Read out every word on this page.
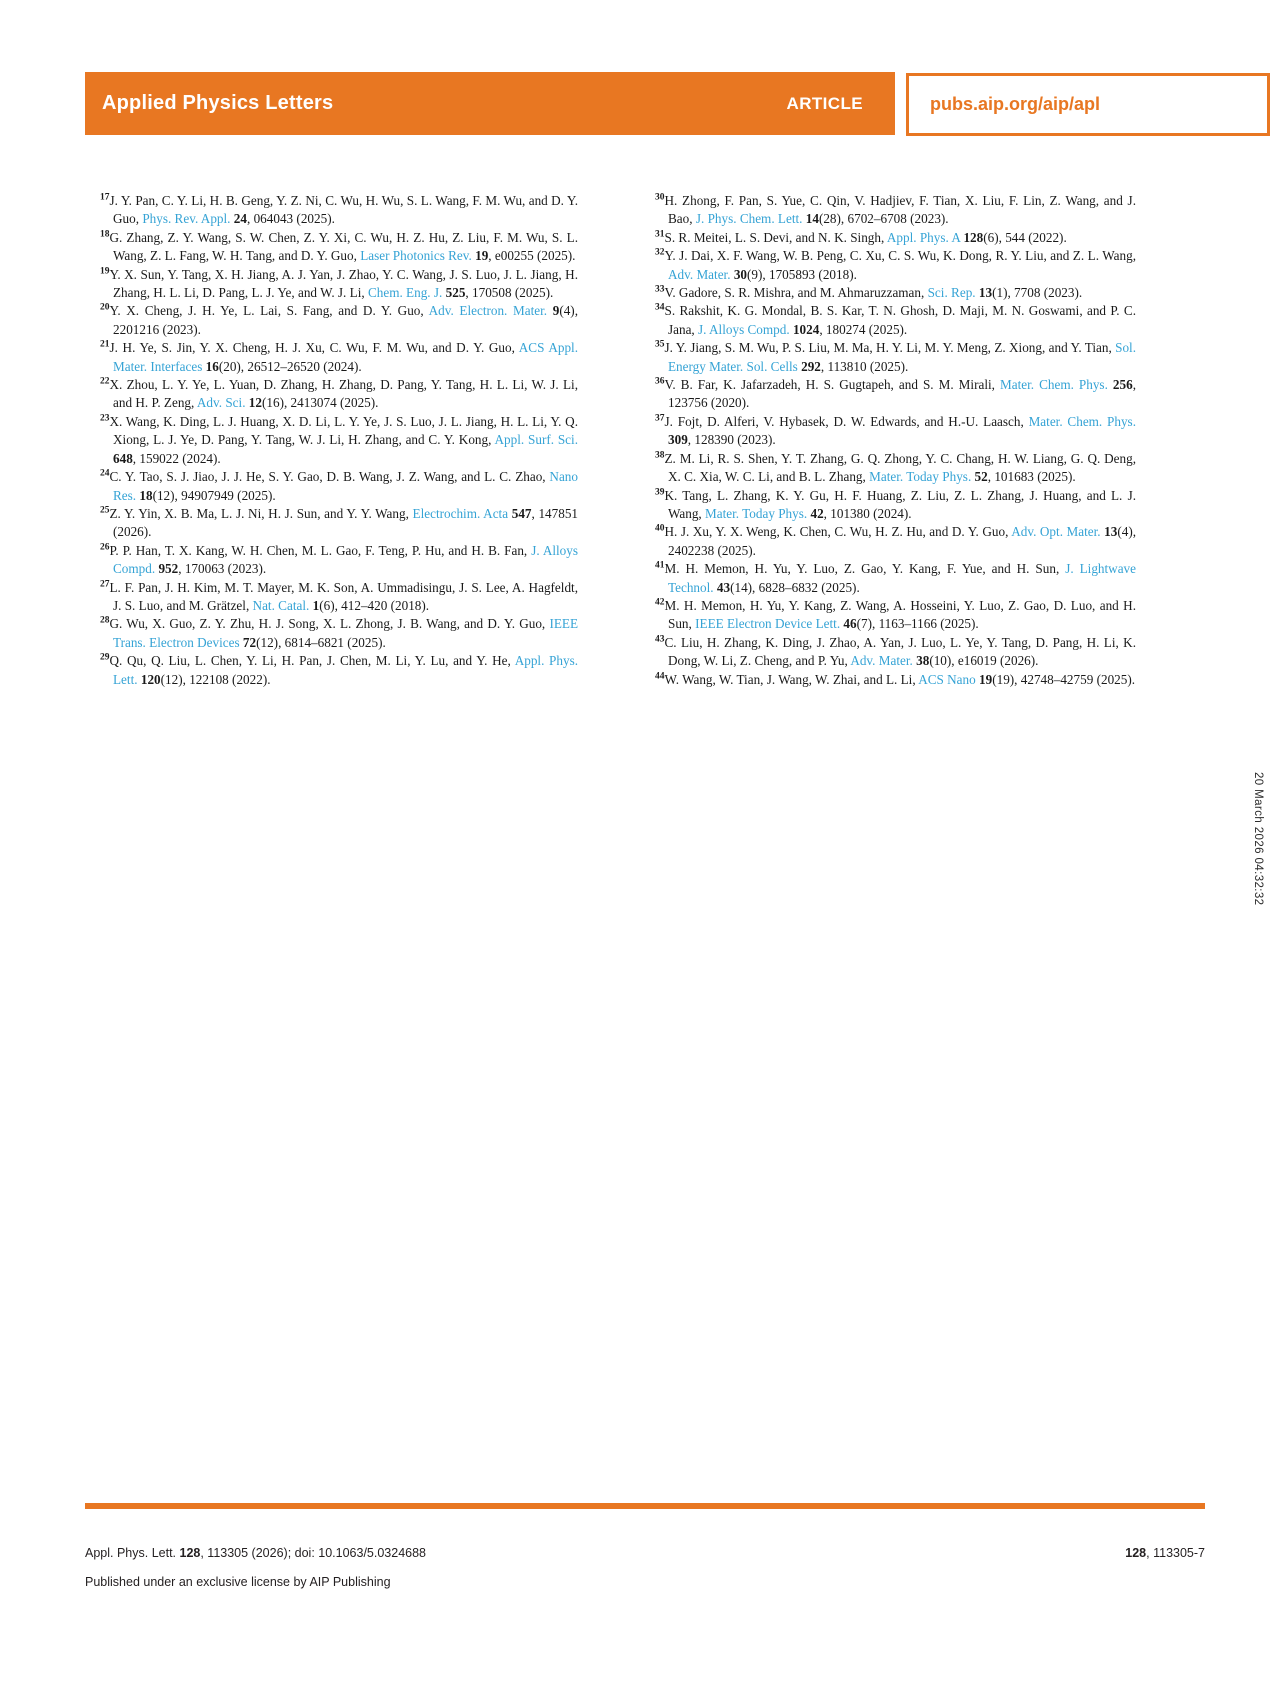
Applied Physics Letters	ARTICLE	pubs.aip.org/aip/apl
$^{17}$J. Y. Pan, C. Y. Li, H. B. Geng, Y. Z. Ni, C. Wu, H. Wu, S. L. Wang, F. M. Wu, and D. Y. Guo, Phys. Rev. Appl. 24, 064043 (2025).
$^{18}$G. Zhang, Z. Y. Wang, S. W. Chen, Z. Y. Xi, C. Wu, H. Z. Hu, Z. Liu, F. M. Wu, S. L. Wang, Z. L. Fang, W. H. Tang, and D. Y. Guo, Laser Photonics Rev. 19, e00255 (2025).
$^{19}$Y. X. Sun, Y. Tang, X. H. Jiang, A. J. Yan, J. Zhao, Y. C. Wang, J. S. Luo, J. L. Jiang, H. Zhang, H. L. Li, D. Pang, L. J. Ye, and W. J. Li, Chem. Eng. J. 525, 170508 (2025).
$^{20}$Y. X. Cheng, J. H. Ye, L. Lai, S. Fang, and D. Y. Guo, Adv. Electron. Mater. 9(4), 2201216 (2023).
$^{21}$J. H. Ye, S. Jin, Y. X. Cheng, H. J. Xu, C. Wu, F. M. Wu, and D. Y. Guo, ACS Appl. Mater. Interfaces 16(20), 26512–26520 (2024).
$^{22}$X. Zhou, L. Y. Ye, L. Yuan, D. Zhang, H. Zhang, D. Pang, Y. Tang, H. L. Li, W. J. Li, and H. P. Zeng, Adv. Sci. 12(16), 2413074 (2025).
$^{23}$X. Wang, K. Ding, L. J. Huang, X. D. Li, L. Y. Ye, J. S. Luo, J. L. Jiang, H. L. Li, Y. Q. Xiong, L. J. Ye, D. Pang, Y. Tang, W. J. Li, H. Zhang, and C. Y. Kong, Appl. Surf. Sci. 648, 159022 (2024).
$^{24}$C. Y. Tao, S. J. Jiao, J. J. He, S. Y. Gao, D. B. Wang, J. Z. Wang, and L. C. Zhao, Nano Res. 18(12), 94907949 (2025).
$^{25}$Z. Y. Yin, X. B. Ma, L. J. Ni, H. J. Sun, and Y. Y. Wang, Electrochim. Acta 547, 147851 (2026).
$^{26}$P. P. Han, T. X. Kang, W. H. Chen, M. L. Gao, F. Teng, P. Hu, and H. B. Fan, J. Alloys Compd. 952, 170063 (2023).
$^{27}$L. F. Pan, J. H. Kim, M. T. Mayer, M. K. Son, A. Ummadisingu, J. S. Lee, A. Hagfeldt, J. S. Luo, and M. Grätzel, Nat. Catal. 1(6), 412–420 (2018).
$^{28}$G. Wu, X. Guo, Z. Y. Zhu, H. J. Song, X. L. Zhong, J. B. Wang, and D. Y. Guo, IEEE Trans. Electron Devices 72(12), 6814–6821 (2025).
$^{29}$Q. Qu, Q. Liu, L. Chen, Y. Li, H. Pan, J. Chen, M. Li, Y. Lu, and Y. He, Appl. Phys. Lett. 120(12), 122108 (2022).
$^{30}$H. Zhong, F. Pan, S. Yue, C. Qin, V. Hadjiev, F. Tian, X. Liu, F. Lin, Z. Wang, and J. Bao, J. Phys. Chem. Lett. 14(28), 6702–6708 (2023).
$^{31}$S. R. Meitei, L. S. Devi, and N. K. Singh, Appl. Phys. A 128(6), 544 (2022).
$^{32}$Y. J. Dai, X. F. Wang, W. B. Peng, C. Xu, C. S. Wu, K. Dong, R. Y. Liu, and Z. L. Wang, Adv. Mater. 30(9), 1705893 (2018).
$^{33}$V. Gadore, S. R. Mishra, and M. Ahmaruzzaman, Sci. Rep. 13(1), 7708 (2023).
$^{34}$S. Rakshit, K. G. Mondal, B. S. Kar, T. N. Ghosh, D. Maji, M. N. Goswami, and P. C. Jana, J. Alloys Compd. 1024, 180274 (2025).
$^{35}$J. Y. Jiang, S. M. Wu, P. S. Liu, M. Ma, H. Y. Li, M. Y. Meng, Z. Xiong, and Y. Tian, Sol. Energy Mater. Sol. Cells 292, 113810 (2025).
$^{36}$V. B. Far, K. Jafarzadeh, H. S. Gugtapeh, and S. M. Mirali, Mater. Chem. Phys. 256, 123756 (2020).
$^{37}$J. Fojt, D. Alferi, V. Hybasek, D. W. Edwards, and H.-U. Laasch, Mater. Chem. Phys. 309, 128390 (2023).
$^{38}$Z. M. Li, R. S. Shen, Y. T. Zhang, G. Q. Zhong, Y. C. Chang, H. W. Liang, G. Q. Deng, X. C. Xia, W. C. Li, and B. L. Zhang, Mater. Today Phys. 52, 101683 (2025).
$^{39}$K. Tang, L. Zhang, K. Y. Gu, H. F. Huang, Z. Liu, Z. L. Zhang, J. Huang, and L. J. Wang, Mater. Today Phys. 42, 101380 (2024).
$^{40}$H. J. Xu, Y. X. Weng, K. Chen, C. Wu, H. Z. Hu, and D. Y. Guo, Adv. Opt. Mater. 13(4), 2402238 (2025).
$^{41}$M. H. Memon, H. Yu, Y. Luo, Z. Gao, Y. Kang, F. Yue, and H. Sun, J. Lightwave Technol. 43(14), 6828–6832 (2025).
$^{42}$M. H. Memon, H. Yu, Y. Kang, Z. Wang, A. Hosseini, Y. Luo, Z. Gao, D. Luo, and H. Sun, IEEE Electron Device Lett. 46(7), 1163–1166 (2025).
$^{43}$C. Liu, H. Zhang, K. Ding, J. Zhao, A. Yan, J. Luo, L. Ye, Y. Tang, D. Pang, H. Li, K. Dong, W. Li, Z. Cheng, and P. Yu, Adv. Mater. 38(10), e16019 (2026).
$^{44}$W. Wang, W. Tian, J. Wang, W. Zhai, and L. Li, ACS Nano 19(19), 42748–42759 (2025).
20 March 2026 04:32:32
Appl. Phys. Lett. 128, 113305 (2026); doi: 10.1063/5.0324688	128, 113305-7
Published under an exclusive license by AIP Publishing
